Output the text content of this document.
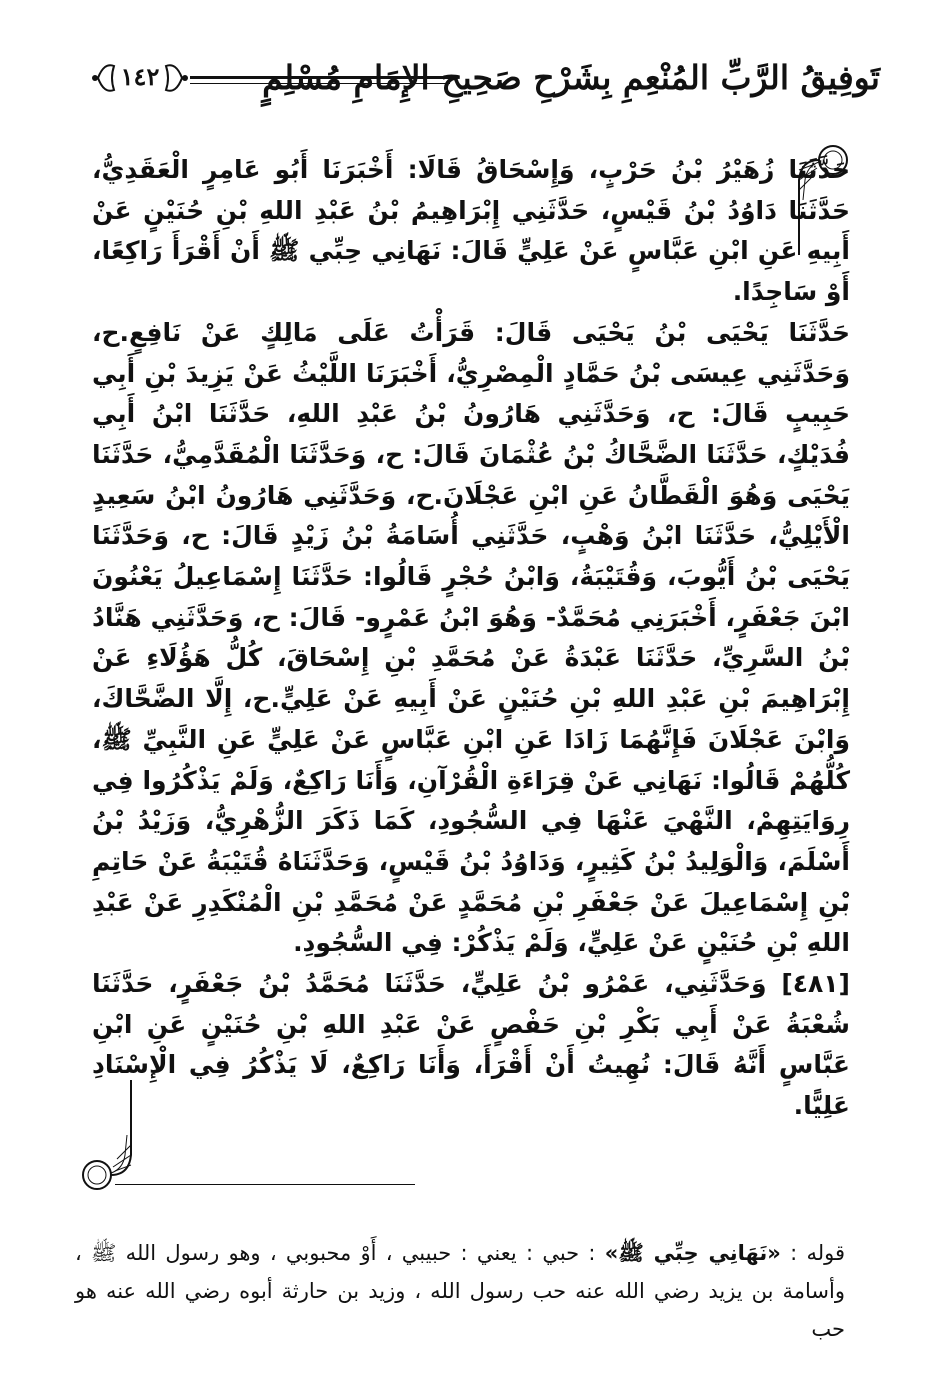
تَوفِيقُ الرَّبِّ المُنْعِمِ بِشَرْحِ صَحِيحِ الإِمَامِ مُسْلِمٍ
١٤٢

حَدَّثَنَا زُهَيْرُ بْنُ حَرْبٍ، وَإِسْحَاقُ قَالَا: أَخْبَرَنَا أَبُو عَامِرٍ الْعَقَدِيُّ، حَدَّثَنَا دَاوُدُ بْنُ قَيْسٍ، حَدَّثَنِي إِبْرَاهِيمُ بْنُ عَبْدِ اللهِ بْنِ حُنَيْنٍ عَنْ أَبِيهِ عَنِ ابْنِ عَبَّاسٍ عَنْ عَلِيٍّ قَالَ: نَهَانِي حِبِّي ﷺ أَنْ أَقْرَأَ رَاكِعًا، أَوْ سَاجِدًا.

حَدَّثَنَا يَحْيَى بْنُ يَحْيَى قَالَ: قَرَأْتُ عَلَى مَالِكٍ عَنْ نَافِعٍ.ح، وَحَدَّثَنِي عِيسَى بْنُ حَمَّادٍ الْمِصْرِيُّ، أَخْبَرَنَا اللَّيْثُ عَنْ يَزِيدَ بْنِ أَبِي حَبِيبٍ قَالَ: ح، وَحَدَّثَنِي هَارُونُ بْنُ عَبْدِ اللهِ، حَدَّثَنَا ابْنُ أَبِي فُدَيْكٍ، حَدَّثَنَا الضَّحَّاكُ بْنُ عُثْمَانَ قَالَ: ح، وَحَدَّثَنَا الْمُقَدَّمِيُّ، حَدَّثَنَا يَحْيَى وَهُوَ الْقَطَّانُ عَنِ ابْنِ عَجْلَانَ.ح، وَحَدَّثَنِي هَارُونُ ابْنُ سَعِيدٍ الْأَيْلِيُّ، حَدَّثَنَا ابْنُ وَهْبٍ، حَدَّثَنِي أُسَامَةُ بْنُ زَيْدٍ قَالَ: ح، وَحَدَّثَنَا يَحْيَى بْنُ أَيُّوبَ، وَقُتَيْبَةُ، وَابْنُ حُجْرٍ قَالُوا: حَدَّثَنَا إِسْمَاعِيلُ يَعْنُونَ ابْنَ جَعْفَرٍ، أَخْبَرَنِي مُحَمَّدٌ- وَهُوَ ابْنُ عَمْرٍو- قَالَ: ح، وَحَدَّثَنِي هَنَّادُ بْنُ السَّرِيِّ، حَدَّثَنَا عَبْدَةُ عَنْ مُحَمَّدِ بْنِ إِسْحَاقَ، كُلُّ هَؤُلَاءِ عَنْ إِبْرَاهِيمَ بْنِ عَبْدِ اللهِ بْنِ حُنَيْنٍ عَنْ أَبِيهِ عَنْ عَلِيٍّ.ح، إِلَّا الضَّحَّاكَ، وَابْنَ عَجْلَانَ فَإِنَّهُمَا زَادَا عَنِ ابْنِ عَبَّاسٍ عَنْ عَلِيٍّ عَنِ النَّبِيِّ ﷺ، كُلُّهُمْ قَالُوا: نَهَانِي عَنْ قِرَاءَةِ الْقُرْآنِ، وَأَنَا رَاكِعٌ، وَلَمْ يَذْكُرُوا فِي رِوَايَتِهِمْ، النَّهْيَ عَنْهَا فِي السُّجُودِ، كَمَا ذَكَرَ الزُّهْرِيُّ، وَزَيْدُ بْنُ أَسْلَمَ، وَالْوَلِيدُ بْنُ كَثِيرٍ، وَدَاوُدُ بْنُ قَيْسٍ، وَحَدَّثَنَاهُ قُتَيْبَةُ عَنْ حَاتِمِ بْنِ إِسْمَاعِيلَ عَنْ جَعْفَرِ بْنِ مُحَمَّدٍ عَنْ مُحَمَّدِ بْنِ الْمُنْكَدِرِ عَنْ عَبْدِ اللهِ بْنِ حُنَيْنٍ عَنْ عَلِيٍّ، وَلَمْ يَذْكُرْ: فِي السُّجُودِ.

[٤٨١] وَحَدَّثَنِي، عَمْرُو بْنُ عَلِيٍّ، حَدَّثَنَا مُحَمَّدُ بْنُ جَعْفَرٍ، حَدَّثَنَا شُعْبَةُ عَنْ أَبِي بَكْرِ بْنِ حَفْصٍ عَنْ عَبْدِ اللهِ بْنِ حُنَيْنٍ عَنِ ابْنِ عَبَّاسٍ أَنَّهُ قَالَ: نُهِيتُ أَنْ أَقْرَأَ، وَأَنَا رَاكِعٌ، لَا يَذْكُرُ فِي الْإِسْنَادِ عَلِيًّا.

قوله : «نَهَانِي حِبِّي ﷺ» : حبي : يعني : حبيبي ، أَوْ محبوبي ، وهو رسول الله ﷺ ، وأسامة بن يزيد رضي الله عنه حب رسول الله ، وزيد بن حارثة أبوه رضي الله عنه هو حب
